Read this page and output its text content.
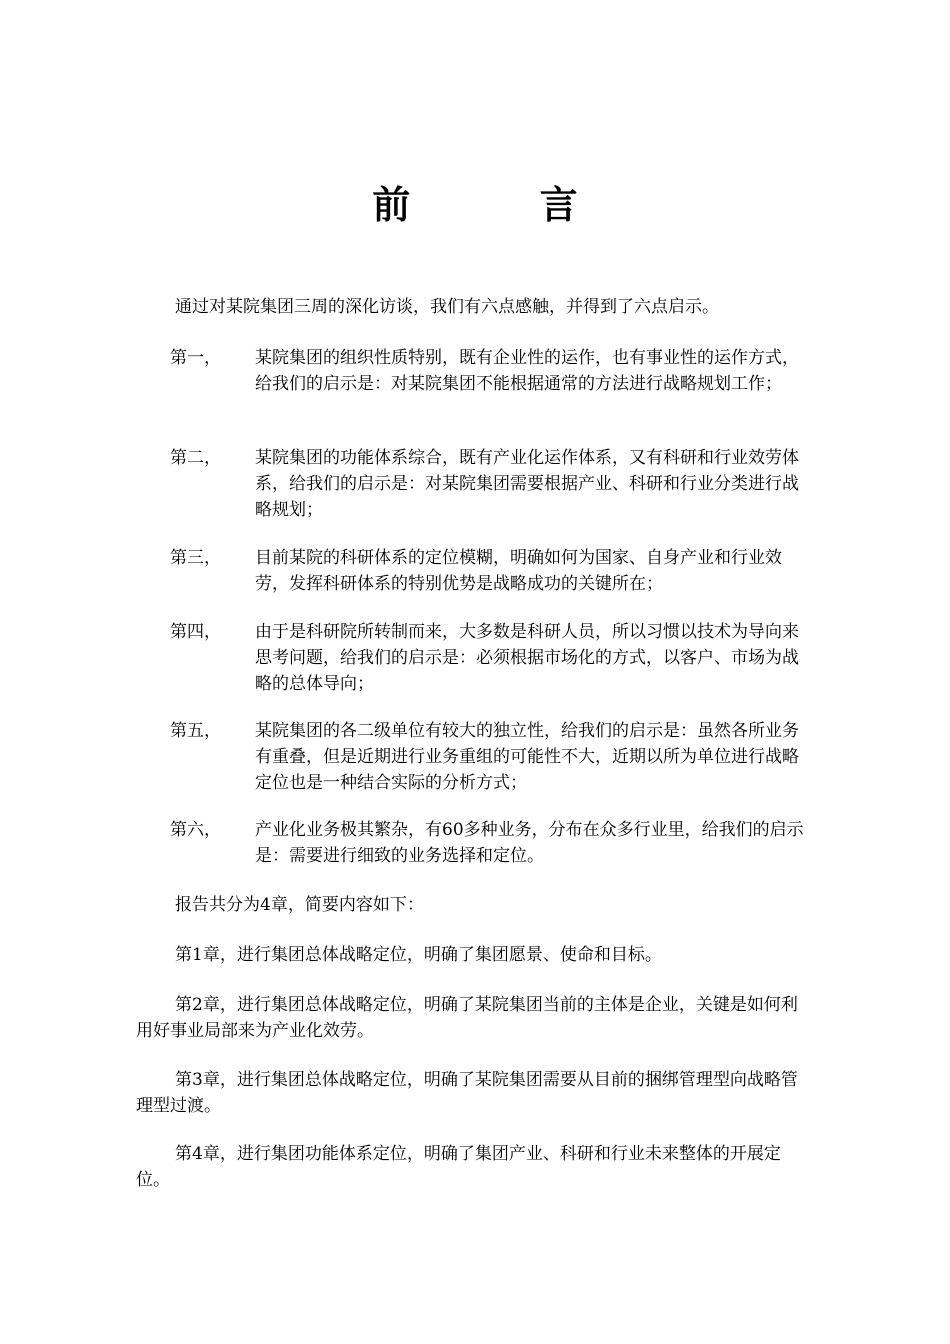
前 言
通过对某院集团三周的深化访谈，我们有六点感触，并得到了六点启示。
第一，	某院集团的组织性质特别，既有企业性的运作，也有事业性的运作方式，给我们的启示是：对某院集团不能根据通常的方法进行战略规划工作；
第二，	某院集团的功能体系综合，既有产业化运作体系，又有科研和行业效劳体系，给我们的启示是：对某院集团需要根据产业、科研和行业分类进行战略规划；
第三，	目前某院的科研体系的定位模糊，明确如何为国家、自身产业和行业效劳，发挥科研体系的特别优势是战略成功的关键所在；
第四，	由于是科研院所转制而来，大多数是科研人员，所以习惯以技术为导向来思考问题，给我们的启示是：必须根据市场化的方式，以客户、市场为战略的总体导向；
第五，	某院集团的各二级单位有较大的独立性，给我们的启示是：虽然各所业务有重叠，但是近期进行业务重组的可能性不大，近期以所为单位进行战略定位也是一种结合实际的分析方式；
第六，	产业化业务极其繁杂，有60多种业务，分布在众多行业里，给我们的启示是：需要进行细致的业务选择和定位。
报告共分为4章，简要内容如下：
第1章，进行集团总体战略定位，明确了集团愿景、使命和目标。
第2章，进行集团总体战略定位，明确了某院集团当前的主体是企业，关键是如何利用好事业局部来为产业化效劳。
第3章，进行集团总体战略定位，明确了某院集团需要从目前的捆绑管理型向战略管理型过渡。
第4章，进行集团功能体系定位，明确了集团产业、科研和行业未来整体的开展定位。
